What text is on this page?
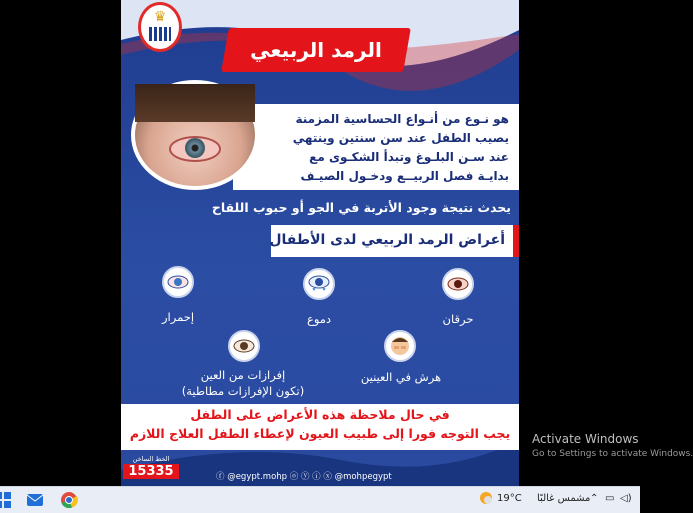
♛
الرمد الربيعي
هو نـوع من أنـواع الحساسية المزمنة
يصيب الطفل عند سن سنتين وينتهي
عند سـن البلـوغ وتبدأ الشكـوى مع
بدايـة فصل الربيــع ودخـول الصيـف
يحدث نتيجة وجود الأتربة في الجو أو حبوب اللقاح
أعراض الرمد الربيعي لدى الأطفال
حرقان
دموع
إحمرار
هرش في العينين
إفرازات من العين
(تكون الإفرازات مطاطية)
في حال ملاحظة هذه الأعراض على الطفل
يجب التوجه فورا إلى طبيب العيون لإعطاء الطفل العلاج اللازم
الخط الساخن
15335	ⓕ @egypt.mohp ⓞ ⓨ ⓘ ⓧ @mohpegypt
Activate Windows
Go to Settings to activate Windows.
19°C مشمس غالبًا ⌃ ▭ ◁)
